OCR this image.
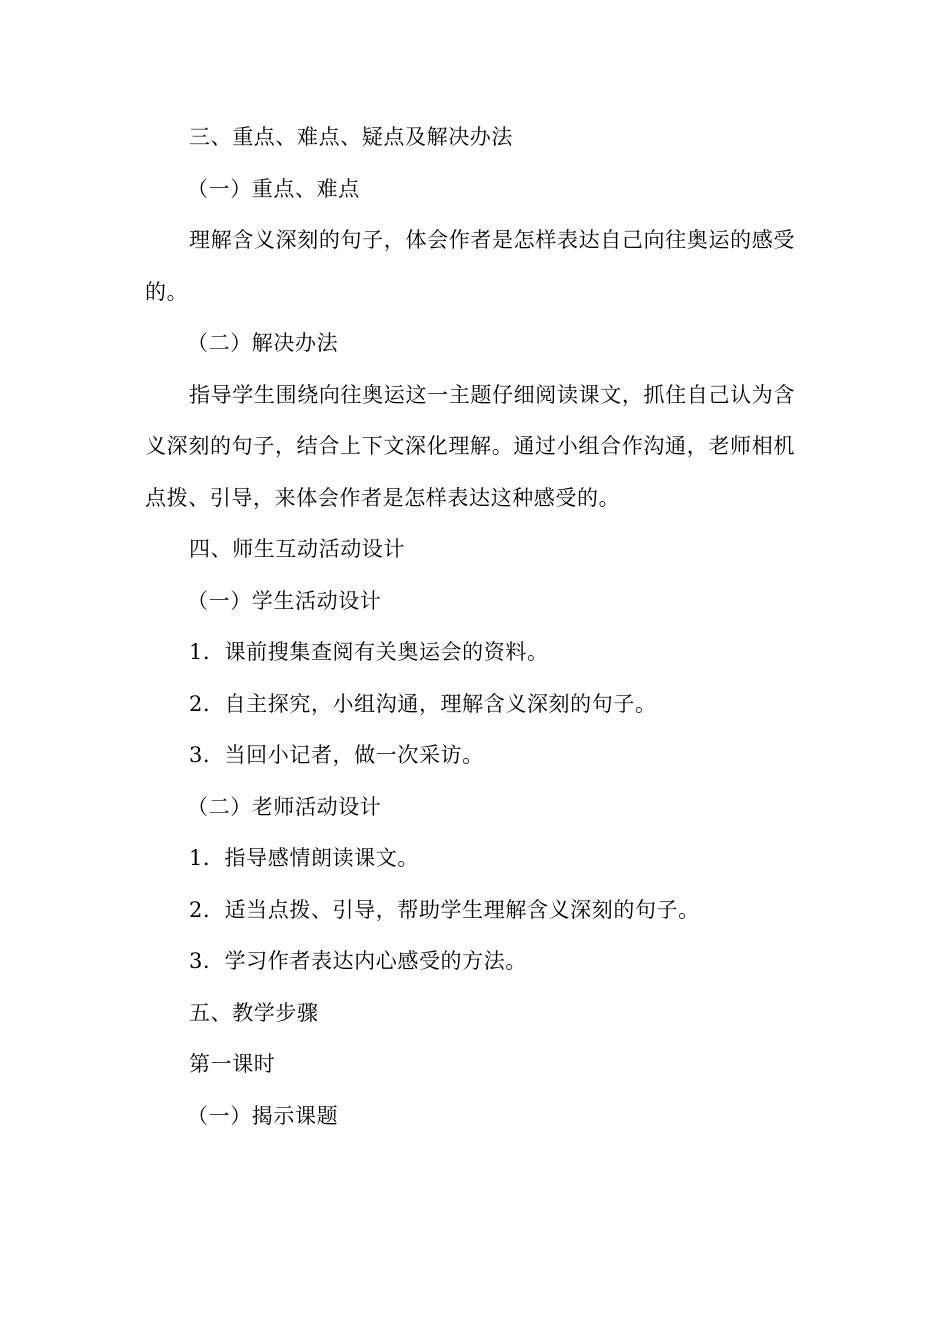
三、重点、难点、疑点及解决办法
（一）重点、难点
理解含义深刻的句子，体会作者是怎样表达自己向往奥运的感受的。
（二）解决办法
指导学生围绕向往奥运这一主题仔细阅读课文，抓住自己认为含义深刻的句子，结合上下文深化理解。通过小组合作沟通，老师相机点拨、引导，来体会作者是怎样表达这种感受的。
四、师生互动活动设计
（一）学生活动设计
1．课前搜集查阅有关奥运会的资料。
2．自主探究，小组沟通，理解含义深刻的句子。
3．当回小记者，做一次采访。
（二）老师活动设计
1．指导感情朗读课文。
2．适当点拨、引导，帮助学生理解含义深刻的句子。
3．学习作者表达内心感受的方法。
五、教学步骤
第一课时
（一）揭示课题
